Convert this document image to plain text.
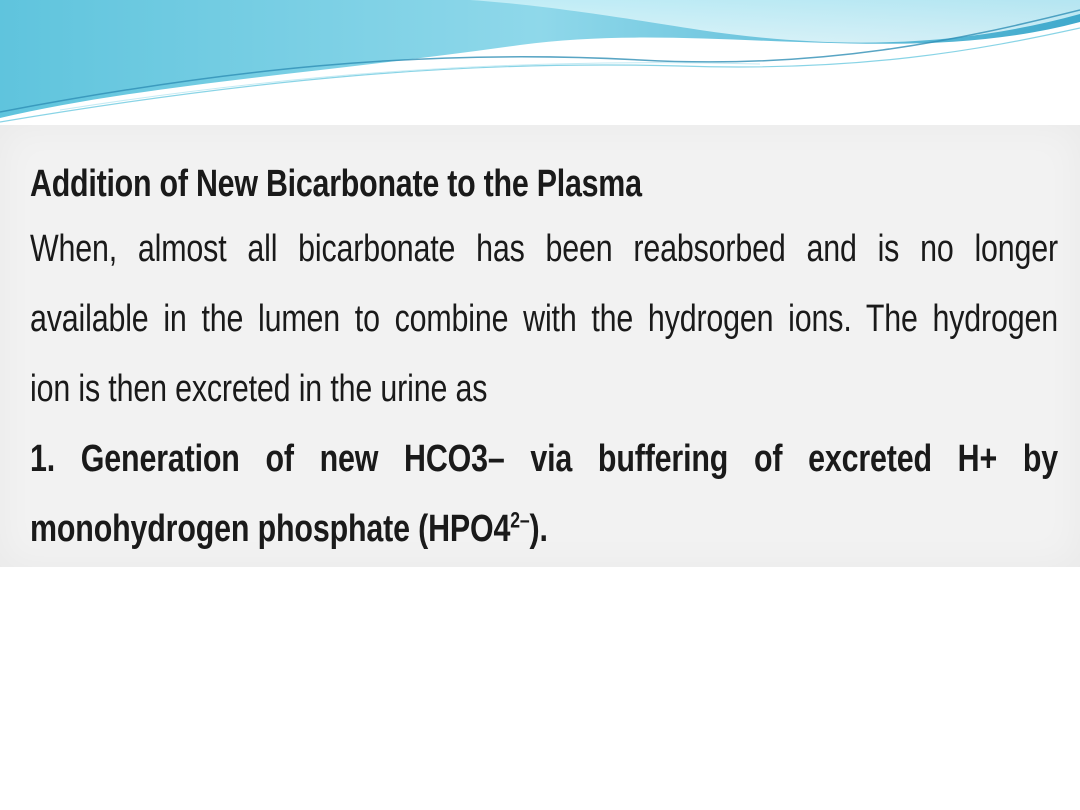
Addition of New Bicarbonate to the Plasma
When, almost all bicarbonate has been reabsorbed and is no longer
available in the lumen to combine with the hydrogen ions. The hydrogen
ion is then excreted in the urine as
1. Generation of new HCO3– via buffering of excreted H+ by
monohydrogen phosphate $(HPO4^{2-})$.
